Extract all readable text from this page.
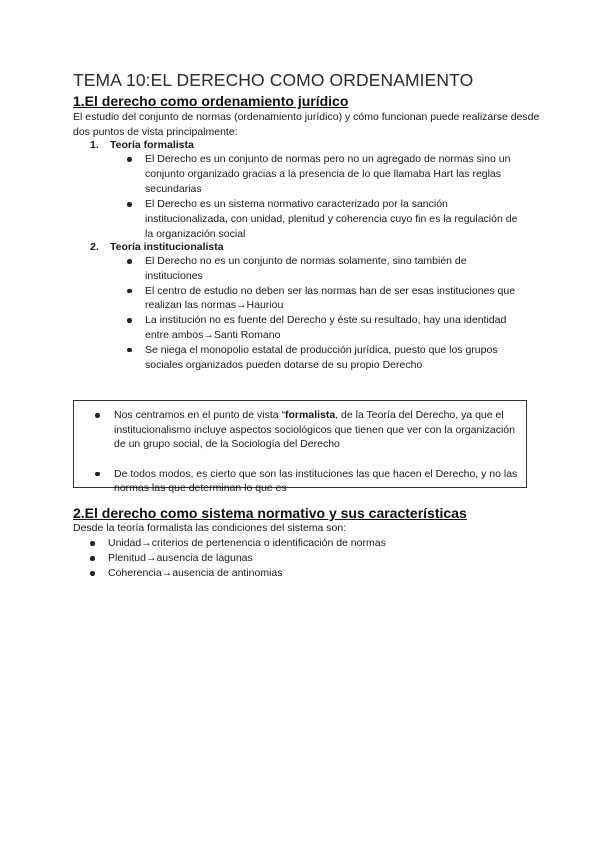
TEMA 10:EL DERECHO COMO ORDENAMIENTO
1.El derecho como ordenamiento jurídico
El estudio del conjunto de normas (ordenamiento jurídico) y cómo funcionan puede realizarse desde dos puntos de vista principalmente:
1. Teoría formalista
El Derecho es un conjunto de normas pero no un agregado de normas sino un conjunto organizado gracias a la presencia de lo que llamaba Hart las reglas secundarias
El Derecho es un sistema normativo caracterizado por la sanción institucionalizada, con unidad, plenitud y coherencia cuyo fin es la regulación de la organización social
2. Teoría institucionalista
El Derecho no es un conjunto de normas solamente, sino también de instituciones
El centro de estudio no deben ser las normas han de ser esas instituciones que realizan las normas→Hauriou
La institución no es fuente del Derecho y éste su resultado, hay una identidad entre ambos→Santi Romano
Se niega el monopolio estatal de producción jurídica, puesto que los grupos sociales organizados pueden dotarse de su propio Derecho
Nos centramos en el punto de vista “formalista, de la Teoría del Derecho, ya que el institucionalismo incluye aspectos sociológicos que tienen que ver con la organización de un grupo social, de la Sociología del Derecho
De todos modos, es cierto que son las instituciones las que hacen el Derecho, y no las normas las que determinan lo que es
2.El derecho como sistema normativo y sus características
Desde la teoría formalista las condiciones del sistema son:
Unidad→criterios de pertenencia o identificación de normas
Plenitud→ausencia de lagunas
Coherencia→ausencia de antinomias
